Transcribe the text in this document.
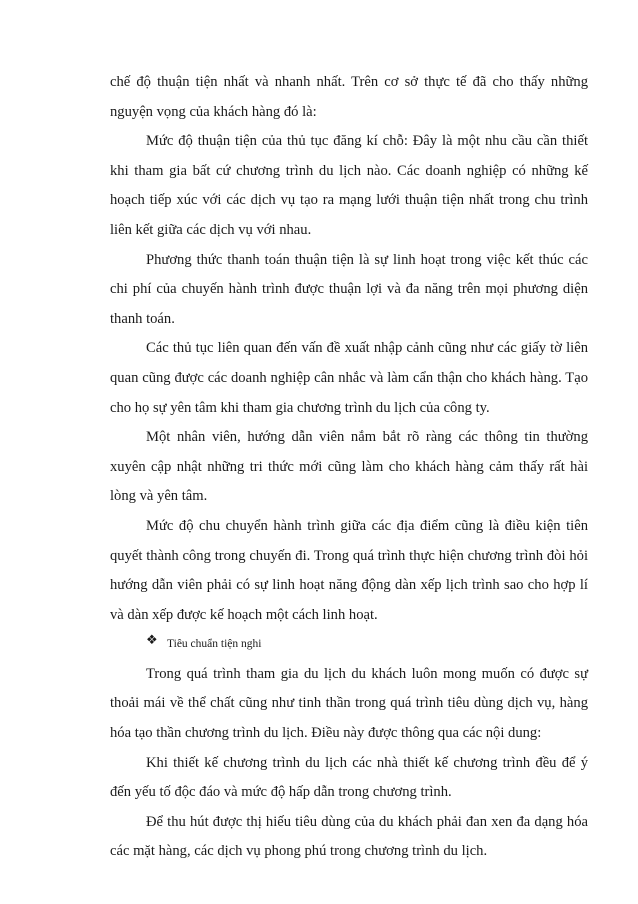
chế độ thuận tiện nhất và nhanh nhất. Trên cơ sở thực tế đã cho thấy những nguyện vọng của khách hàng đó là:

Mức độ thuận tiện của thủ tục đăng kí chỗ: Đây là một nhu cầu cần thiết khi tham gia bất cứ chương trình du lịch nào. Các doanh nghiệp có những kế hoạch tiếp xúc với các dịch vụ tạo ra mạng lưới thuận tiện nhất trong chu trình liên kết giữa các dịch vụ với nhau.

Phương thức thanh toán thuận tiện là sự linh hoạt trong việc kết thúc các chi phí của chuyến hành trình được thuận lợi và đa năng trên mọi phương diện thanh toán.

Các thủ tục liên quan đến vấn đề xuất nhập cảnh cũng như các giấy tờ liên quan cũng được các doanh nghiệp cân nhắc và làm cẩn thận cho khách hàng. Tạo cho họ sự yên tâm khi tham gia chương trình du lịch của công ty.

Một nhân viên, hướng dẫn viên nắm bắt rõ ràng các thông tin thường xuyên cập nhật những tri thức mới cũng làm cho khách hàng cảm thấy rất hài lòng và yên tâm.

Mức độ chu chuyển hành trình giữa các địa điểm cũng là điều kiện tiên quyết thành công trong chuyến đi. Trong quá trình thực hiện chương trình đòi hỏi hướng dẫn viên phải có sự linh hoạt năng động dàn xếp lịch trình sao cho hợp lí và dàn xếp được kế hoạch một cách linh hoạt.

❖ Tiêu chuẩn tiện nghi

Trong quá trình tham gia du lịch du khách luôn mong muốn có được sự thoải mái về thể chất cũng như tinh thần trong quá trình tiêu dùng dịch vụ, hàng hóa tạo thần chương trình du lịch. Điều này được thông qua các nội dung:

Khi thiết kế chương trình du lịch các nhà thiết kế chương trình đều để ý đến yếu tố độc đáo và mức độ hấp dẫn trong chương trình.

Để thu hút được thị hiếu tiêu dùng của du khách phải đan xen đa dạng hóa các mặt hàng, các dịch vụ phong phú trong chương trình du lịch.
